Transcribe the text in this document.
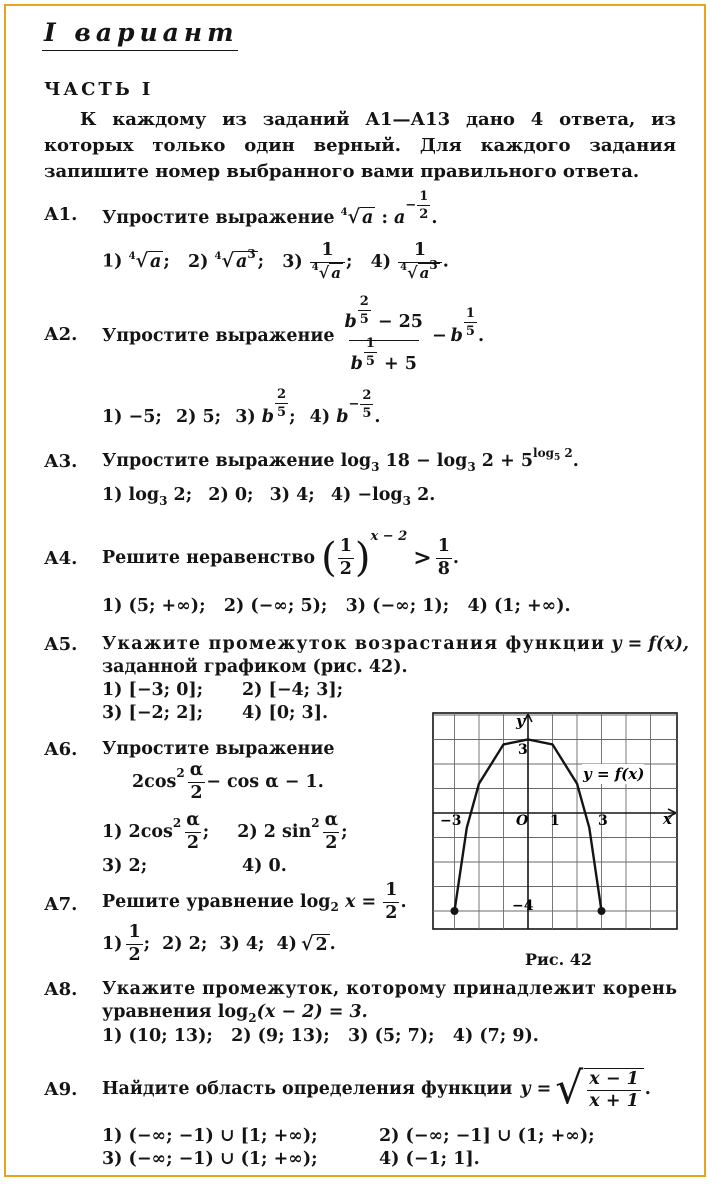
I вариант
ЧАСТЬ I
К каждому из заданий А1—А13 дано 4 ответа, из которых только один верный. Для каждого задания запишите номер выбранного вами правильного ответа.
А1. Упростите выражение $^4$√ a : a
− $\frac{1}{2}$ .
1) $^4$√ a ; 2) $^4$√ $a^3$ ; $3) \frac{1}{^4√ a}$ ; $4) \frac{1}{^4√ a^3}$ .
А2. Упростите выражение $\frac{b \frac{2}{5} - 25}{b \frac{1}{5} + 5} - b \frac{1}{5}$ .
1) −5; 2) 5; 3) b $\frac{2}{5}$ ; 4) b
− $\frac{2}{5}$ .
А3. Упростите выражение $\log_3 18 - \log_3 2 + 5^{log_5 2}$.
1) $\log_3 2$; 2) 0; 3) 4; $4) -\log_3$ 2.
А4. Решите неравенство ( $\frac{1}{2}$ ) x − 2
> $\frac{1}{8}$ .
1) (5; +∞);   2) (−∞; 5);   3) (−∞; 1);   4) (1; +∞).
А5. Укажите промежуток возрастания функции y = f(x),
заданной графиком (рис. 42).
1) [−3; 0]; 2) [−4; 3];
3) [−2; 2]; 4) [0; 3].
А6. Упростите выражение
2cos $2 \frac{\alpha}{2} - \cos \alpha - 1$.
1) 2cos $2 \frac{\alpha}{2}$ ; 2) 2 $\sin 2 \frac{\alpha}{2}$ ;
3) 2;	4) 0.
А7. Решите уравнение log 2 $x = \frac{1}{2}$ .
$1) \frac{1}{2}$ ; 2) 2; 3) 4; 4) √ 2 .
y = f(x)
y
x
−3	O 1	3
3
−4
Рис. 42
А8. Укажите промежуток, которому принадлежит корень
уравнения $\log_2(x - 2) = 3$.
1) (10; 13);   2) (9; 13);   3) (5; 7);   4) (7; 9).
А9. Найдите область определения функции y = √ $\frac{x - 1}{x + 1}$ .
1) (−∞; −1) ∪ [1; +∞);	2) (−∞; −1] ∪ (1; +∞);
3) (−∞; −1) ∪ (1; +∞);	4) (−1; 1].
